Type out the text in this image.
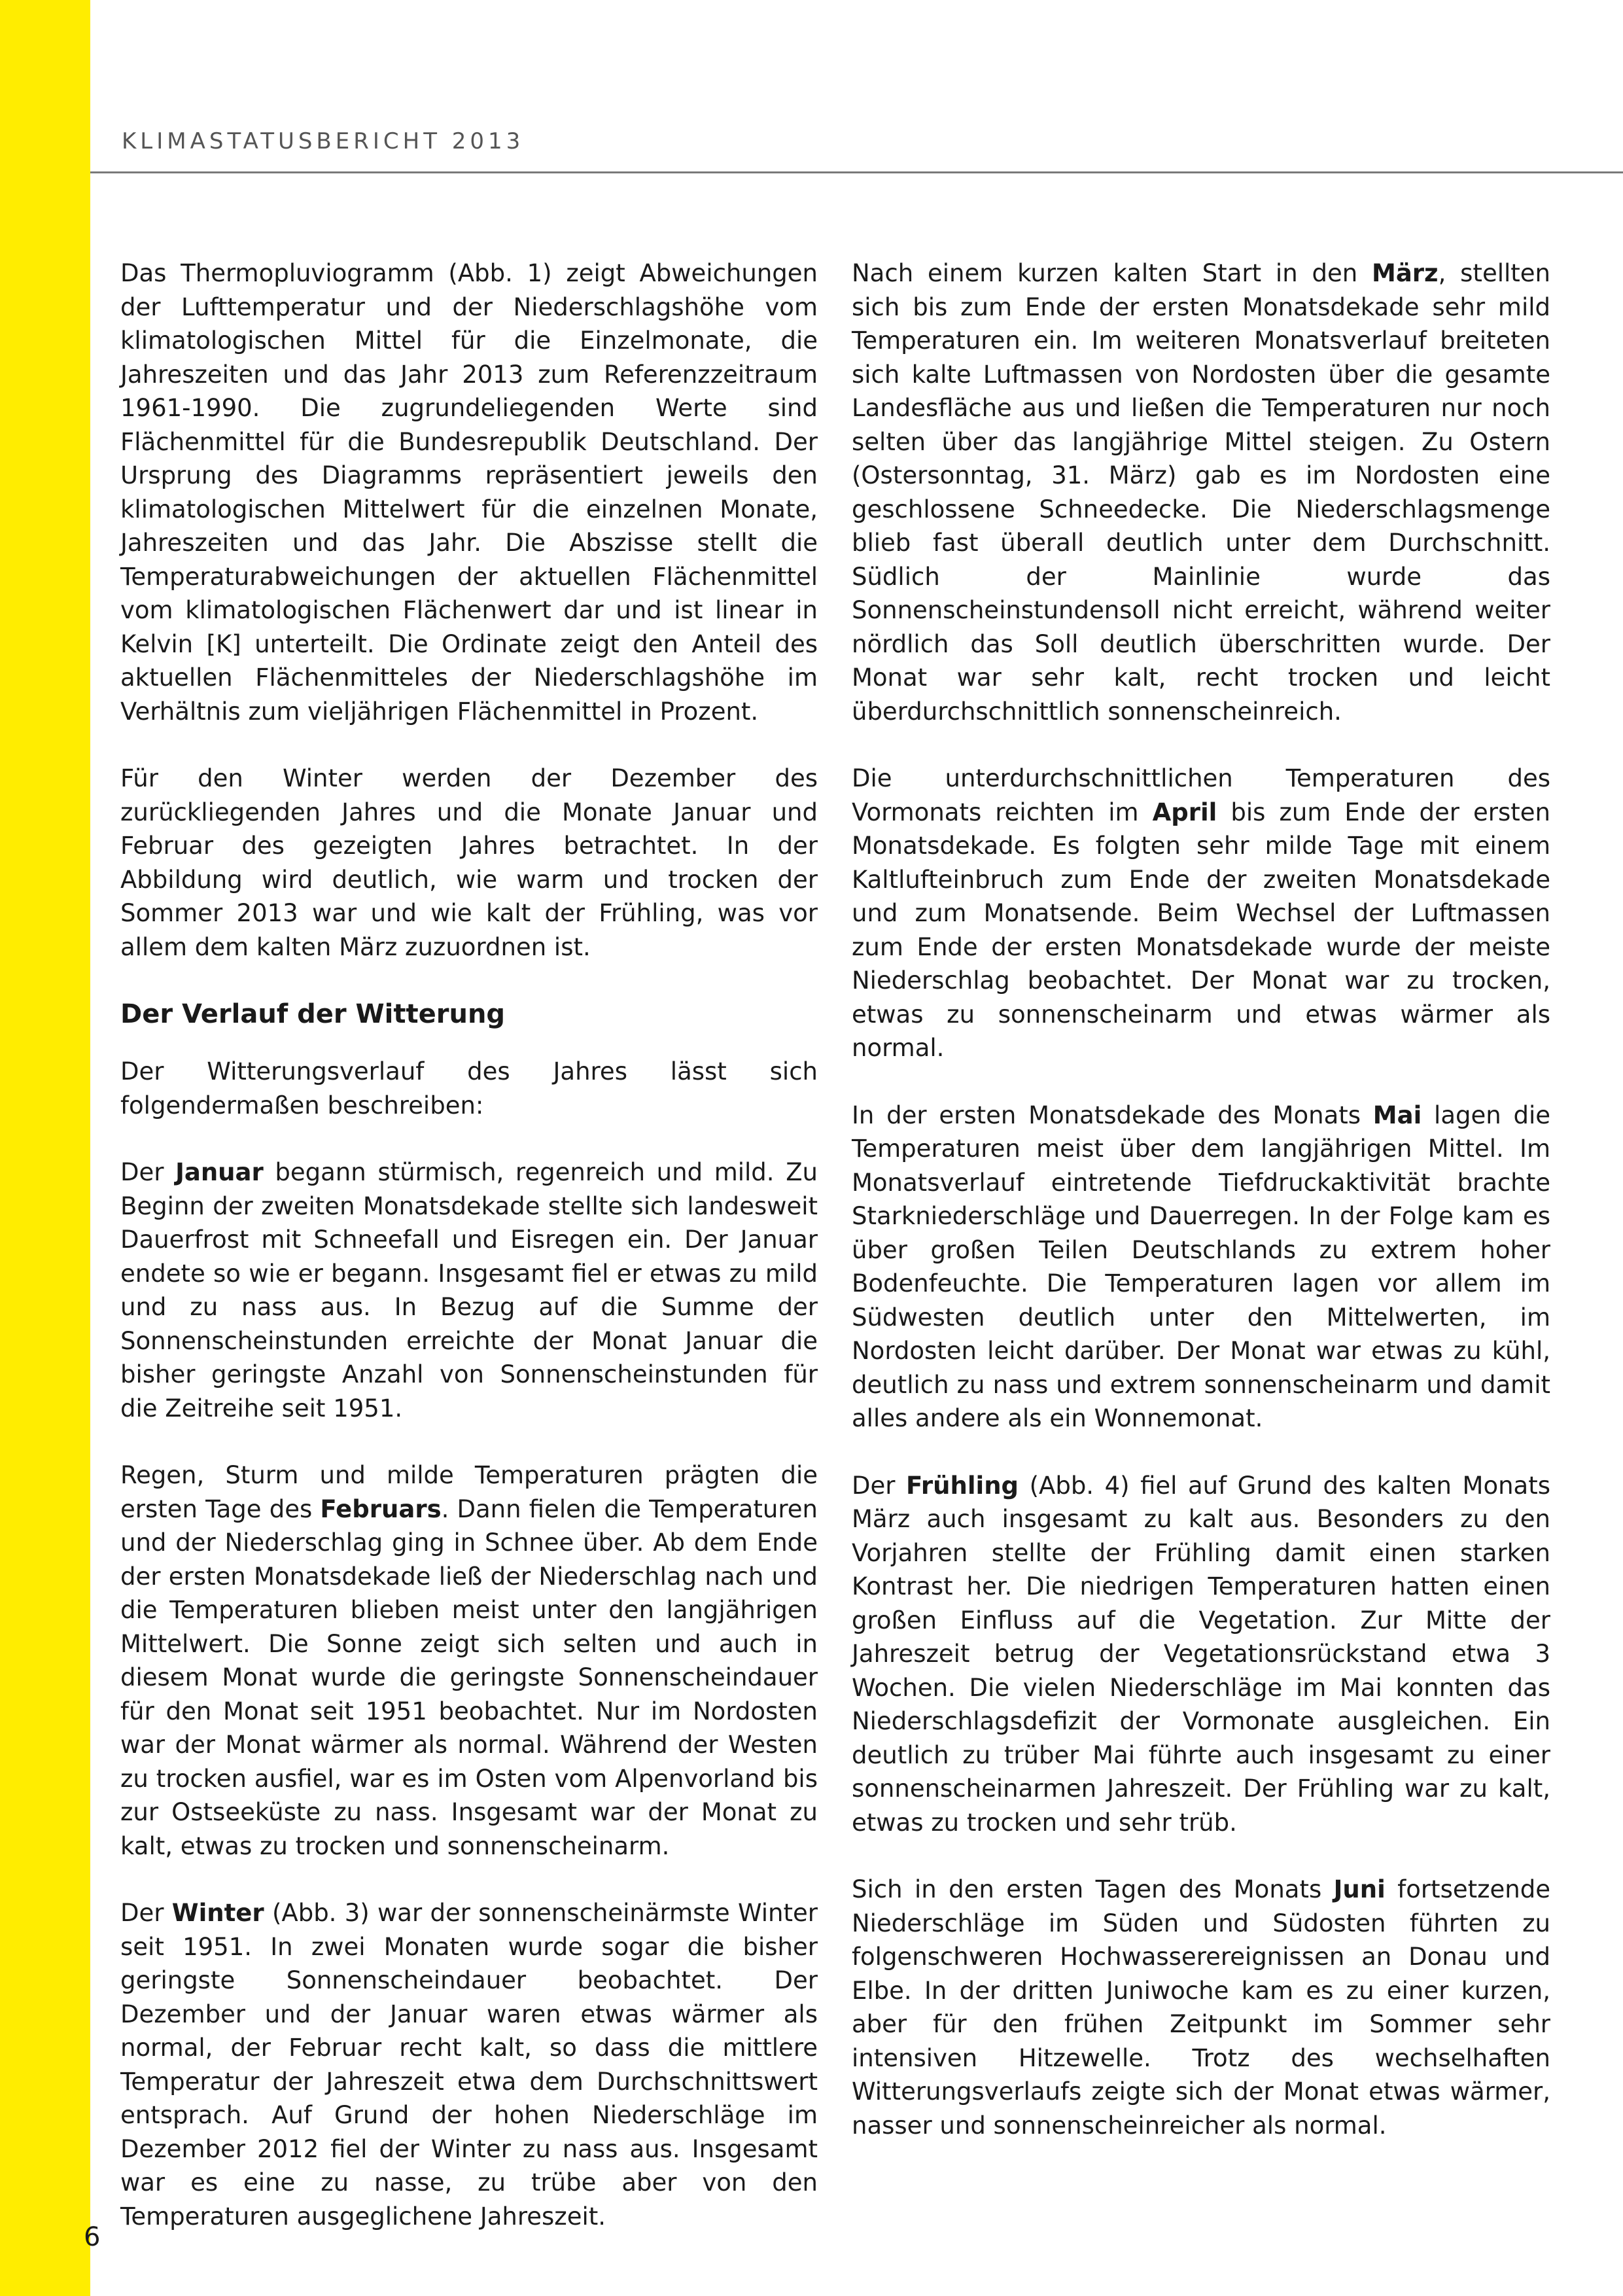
KLIMASTATUSBERICHT 2013

Das Thermopluviogramm (Abb. 1) zeigt Abweichungen der Lufttemperatur und der Niederschlagshöhe vom klimatologischen Mittel für die Einzelmonate, die Jahreszeiten und das Jahr 2013 zum Referenzzeitraum 1961-1990. Die zugrundeliegenden Werte sind Flächenmittel für die Bundesrepublik Deutschland. Der Ursprung des Diagramms repräsentiert jeweils den klimatologischen Mittelwert für die einzelnen Monate, Jahreszeiten und das Jahr. Die Abszisse stellt die Temperaturabweichungen der aktuellen Flächenmittel vom klimatologischen Flächenwert dar und ist linear in Kelvin [K] unterteilt. Die Ordinate zeigt den Anteil des aktuellen Flächenmitteles der Niederschlagshöhe im Verhältnis zum vieljährigen Flächenmittel in Prozent.

Für den Winter werden der Dezember des zurückliegenden Jahres und die Monate Januar und Februar des gezeigten Jahres betrachtet. In der Abbildung wird deutlich, wie warm und trocken der Sommer 2013 war und wie kalt der Frühling, was vor allem dem kalten März zuzuordnen ist.

Der Verlauf der Witterung

Der Witterungsverlauf des Jahres lässt sich folgendermaßen beschreiben:

Der Januar begann stürmisch, regenreich und mild. Zu Beginn der zweiten Monatsdekade stellte sich landesweit Dauerfrost mit Schneefall und Eisregen ein. Der Januar endete so wie er begann. Insgesamt fiel er etwas zu mild und zu nass aus. In Bezug auf die Summe der Sonnenscheinstunden erreichte der Monat Januar die bisher geringste Anzahl von Sonnenscheinstunden für die Zeitreihe seit 1951.

Regen, Sturm und milde Temperaturen prägten die ersten Tage des Februars. Dann fielen die Temperaturen und der Niederschlag ging in Schnee über. Ab dem Ende der ersten Monatsdekade ließ der Niederschlag nach und die Temperaturen blieben meist unter den langjährigen Mittelwert. Die Sonne zeigt sich selten und auch in diesem Monat wurde die geringste Sonnenscheindauer für den Monat seit 1951 beobachtet. Nur im Nordosten war der Monat wärmer als normal. Während der Westen zu trocken ausfiel, war es im Osten vom Alpenvorland bis zur Ostseeküste zu nass. Insgesamt war der Monat zu kalt, etwas zu trocken und sonnenscheinarm.

Der Winter (Abb. 3) war der sonnenscheinärmste Winter seit 1951. In zwei Monaten wurde sogar die bisher geringste Sonnenscheindauer beobachtet. Der Dezember und der Januar waren etwas wärmer als normal, der Februar recht kalt, so dass die mittlere Temperatur der Jahreszeit etwa dem Durchschnittswert entsprach. Auf Grund der hohen Niederschläge im Dezember 2012 fiel der Winter zu nass aus. Insgesamt war es eine zu nasse, zu trübe aber von den Temperaturen ausgeglichene Jahreszeit.

Nach einem kurzen kalten Start in den März, stellten sich bis zum Ende der ersten Monatsdekade sehr mild Temperaturen ein. Im weiteren Monatsverlauf breiteten sich kalte Luftmassen von Nordosten über die gesamte Landesfläche aus und ließen die Temperaturen nur noch selten über das langjährige Mittel steigen. Zu Ostern (Ostersonntag, 31. März) gab es im Nordosten eine geschlossene Schneedecke. Die Niederschlagsmenge blieb fast überall deutlich unter dem Durchschnitt. Südlich der Mainlinie wurde das Sonnenscheinstundensoll nicht erreicht, während weiter nördlich das Soll deutlich überschritten wurde. Der Monat war sehr kalt, recht trocken und leicht überdurchschnittlich sonnenscheinreich.

Die unterdurchschnittlichen Temperaturen des Vormonats reichten im April bis zum Ende der ersten Monatsdekade. Es folgten sehr milde Tage mit einem Kaltlufteinbruch zum Ende der zweiten Monatsdekade und zum Monatsende. Beim Wechsel der Luftmassen zum Ende der ersten Monatsdekade wurde der meiste Niederschlag beobachtet. Der Monat war zu trocken, etwas zu sonnenscheinarm und etwas wärmer als normal.

In der ersten Monatsdekade des Monats Mai lagen die Temperaturen meist über dem langjährigen Mittel. Im Monatsverlauf eintretende Tiefdruckaktivität brachte Starkniederschläge und Dauerregen. In der Folge kam es über großen Teilen Deutschlands zu extrem hoher Bodenfeuchte. Die Temperaturen lagen vor allem im Südwesten deutlich unter den Mittelwerten, im Nordosten leicht darüber. Der Monat war etwas zu kühl, deutlich zu nass und extrem sonnenscheinarm und damit alles andere als ein Wonnemonat.

Der Frühling (Abb. 4) fiel auf Grund des kalten Monats März auch insgesamt zu kalt aus. Besonders zu den Vorjahren stellte der Frühling damit einen starken Kontrast her. Die niedrigen Temperaturen hatten einen großen Einfluss auf die Vegetation. Zur Mitte der Jahreszeit betrug der Vegetationsrückstand etwa 3 Wochen. Die vielen Niederschläge im Mai konnten das Niederschlagsdefizit der Vormonate ausgleichen. Ein deutlich zu trüber Mai führte auch insgesamt zu einer sonnenscheinarmen Jahreszeit. Der Frühling war zu kalt, etwas zu trocken und sehr trüb.

Sich in den ersten Tagen des Monats Juni fortsetzende Niederschläge im Süden und Südosten führten zu folgenschweren Hochwasserereignissen an Donau und Elbe. In der dritten Juniwoche kam es zu einer kurzen, aber für den frühen Zeitpunkt im Sommer sehr intensiven Hitzewelle. Trotz des wechselhaften Witterungsverlaufs zeigte sich der Monat etwas wärmer, nasser und sonnenscheinreicher als normal.

6
